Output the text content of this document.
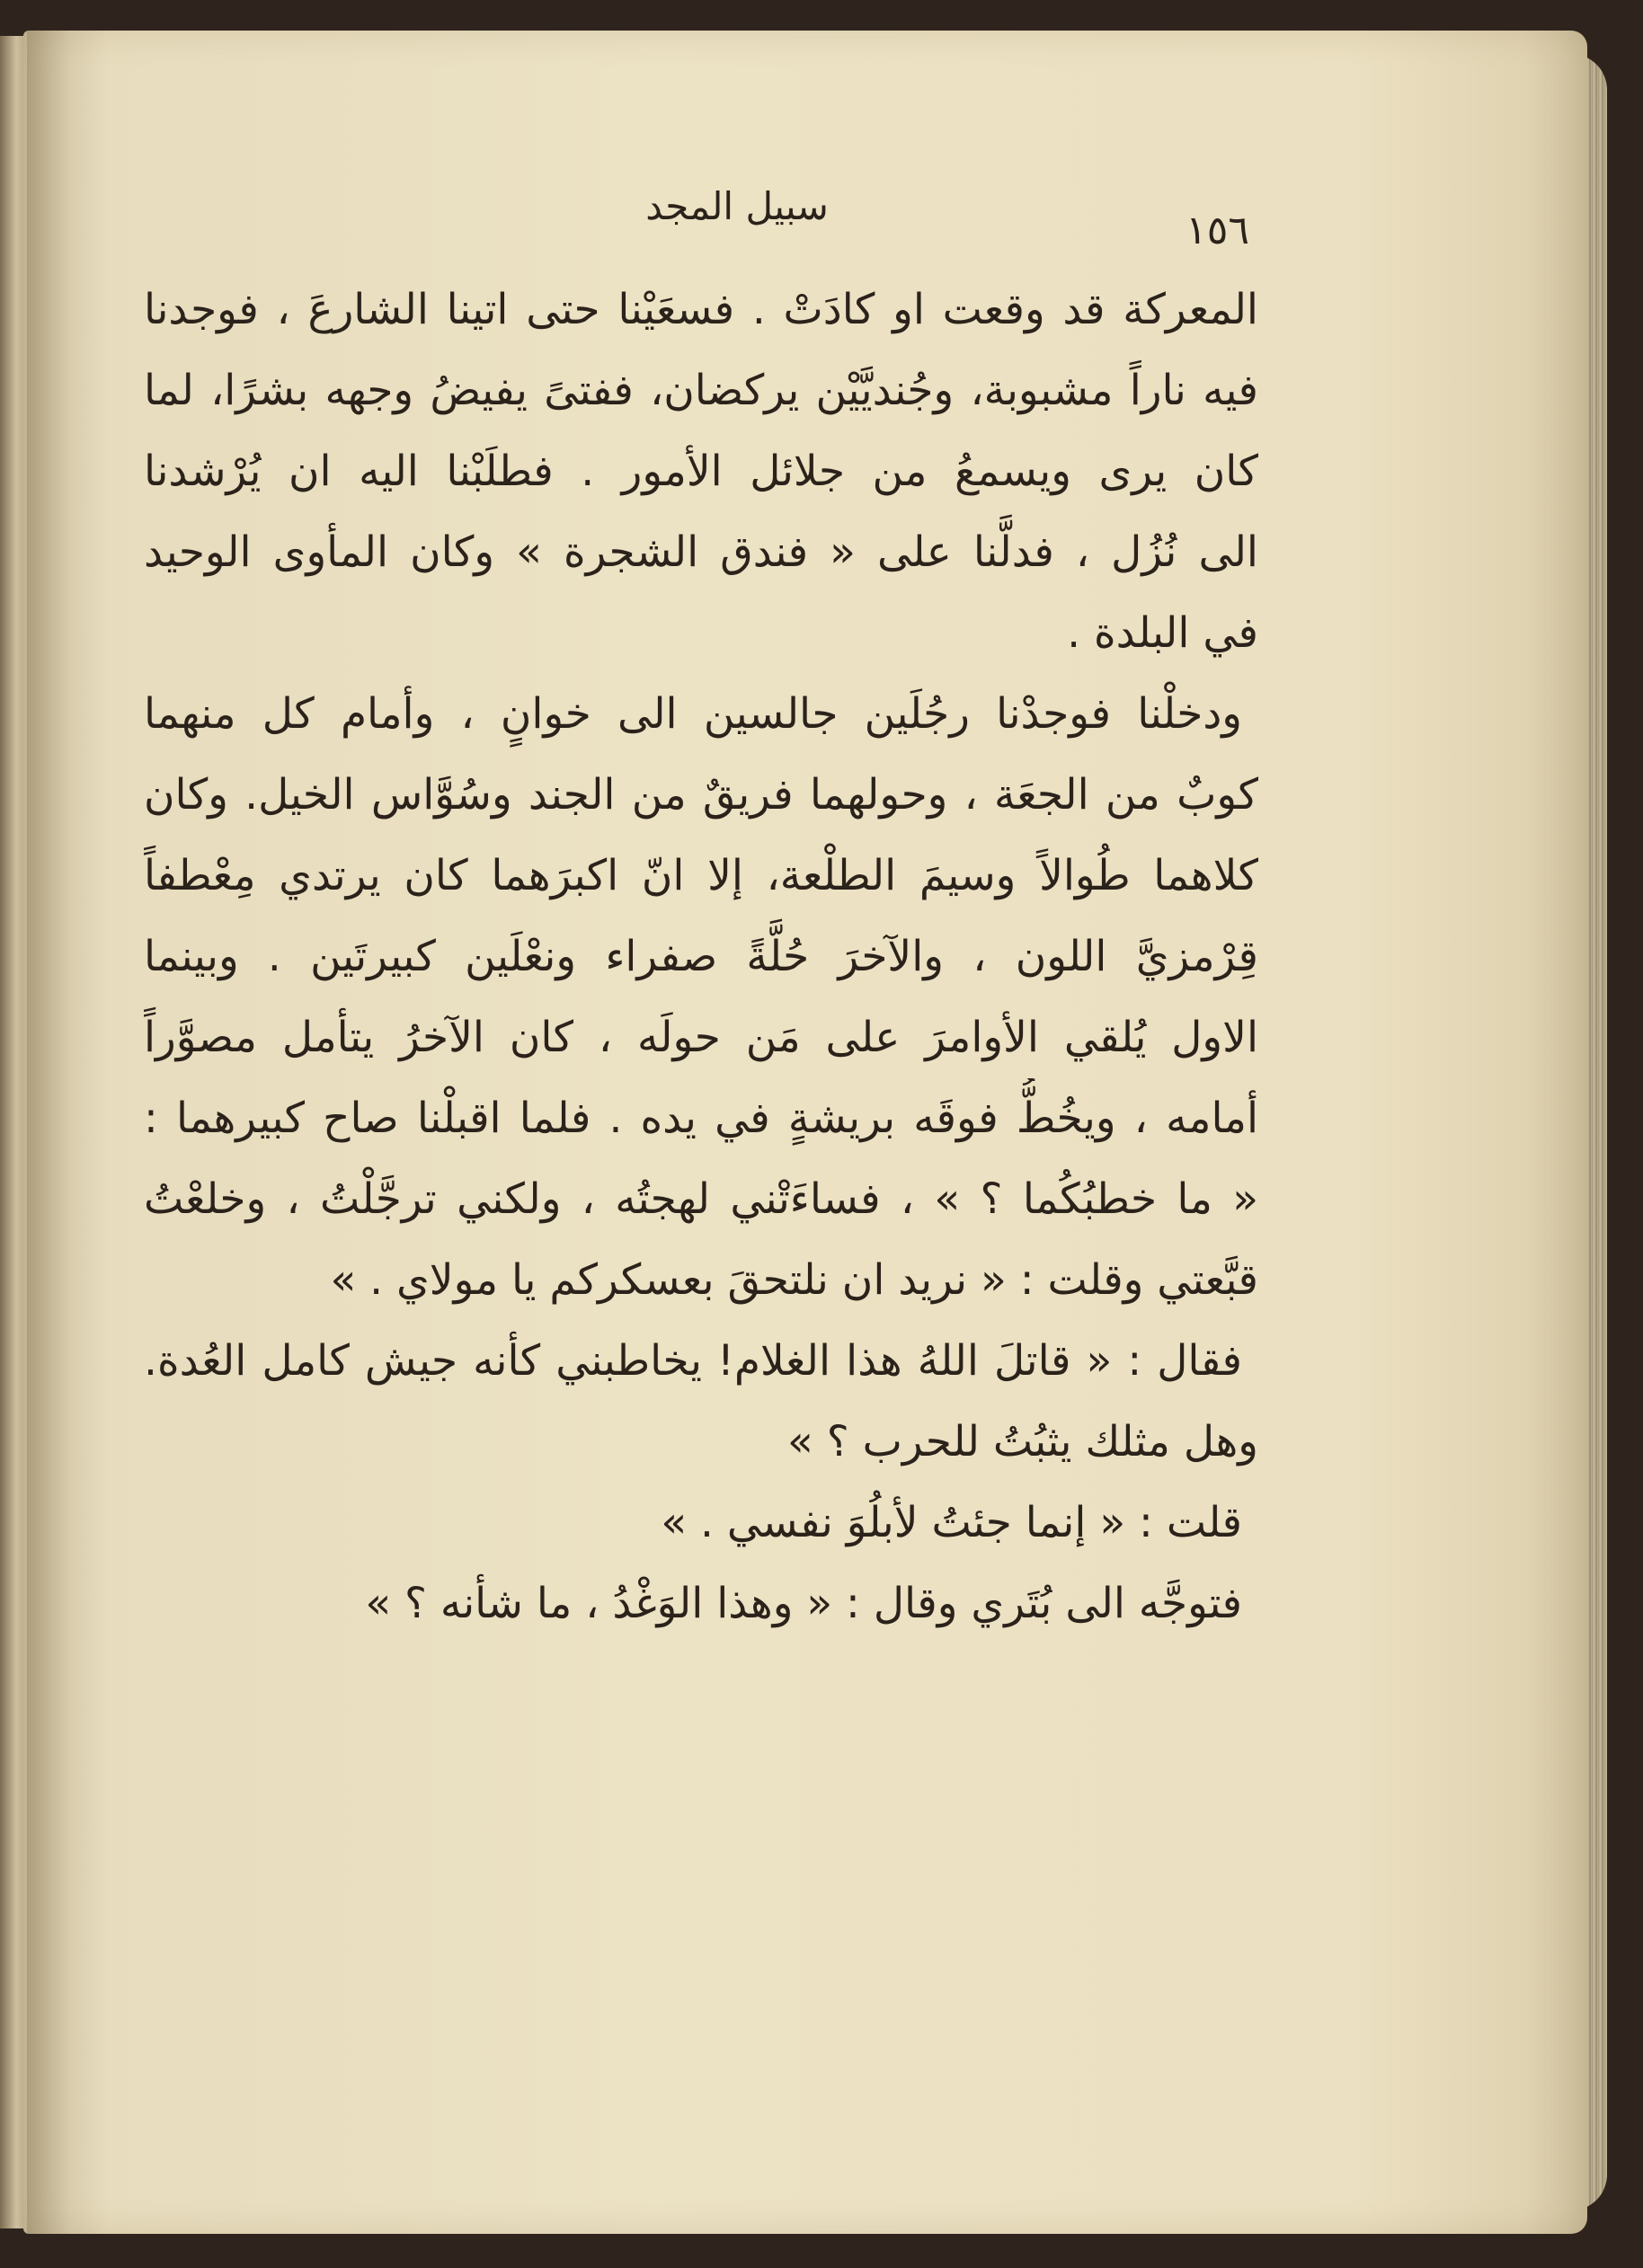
سبيل المجد
١٥٦
المعركة قد وقعت او كادَتْ . فسعَيْنا حتى اتينا الشارعَ ، فوجدنا
فيه ناراً مشبوبة، وجُنديَّيْن يركضان، ففتىً يفيضُ وجهه بشرًا، لما
كان يرى ويسمعُ من جلائل الأمور . فطلَبْنا اليه ان يُرْشدنا
الى نُزُل ، فدلَّنا على « فندق الشجرة » وكان المأوى الوحيد
في البلدة .
ودخلْنا فوجدْنا رجُلَين جالسين الى خوانٍ ، وأمام كل منهما
كوبٌ من الجعَة ، وحولهما فريقٌ من الجند وسُوَّاس الخيل. وكان
كلاهما طُوالاً وسيمَ الطلْعة، إلا انّ اكبرَهما كان يرتدي مِعْطفاً
قِرْمزيَّ اللون ، والآخرَ حُلَّةً صفراء ونعْلَين كبيرتَين . وبينما
الاول يُلقي الأوامرَ على مَن حولَه ، كان الآخرُ يتأمل مصوَّراً
أمامه ، ويخُطُّ فوقَه بريشةٍ في يده . فلما اقبلْنا صاح كبيرهما :
« ما خطبُكُما ؟ » ، فساءَتْني لهجتُه ، ولكني ترجَّلْتُ ، وخلعْتُ
قبَّعتي وقلت : « نريد ان نلتحقَ بعسكركم يا مولاي . »
فقال : « قاتلَ اللهُ هذا الغلام! يخاطبني كأنه جيش كامل العُدة.
وهل مثلك يثبُتُ للحرب ؟ »
قلت : « إنما جئتُ لأبلُوَ نفسي . »
فتوجَّه الى بُتَري وقال : « وهذا الوَغْدُ ، ما شأنه ؟ »
